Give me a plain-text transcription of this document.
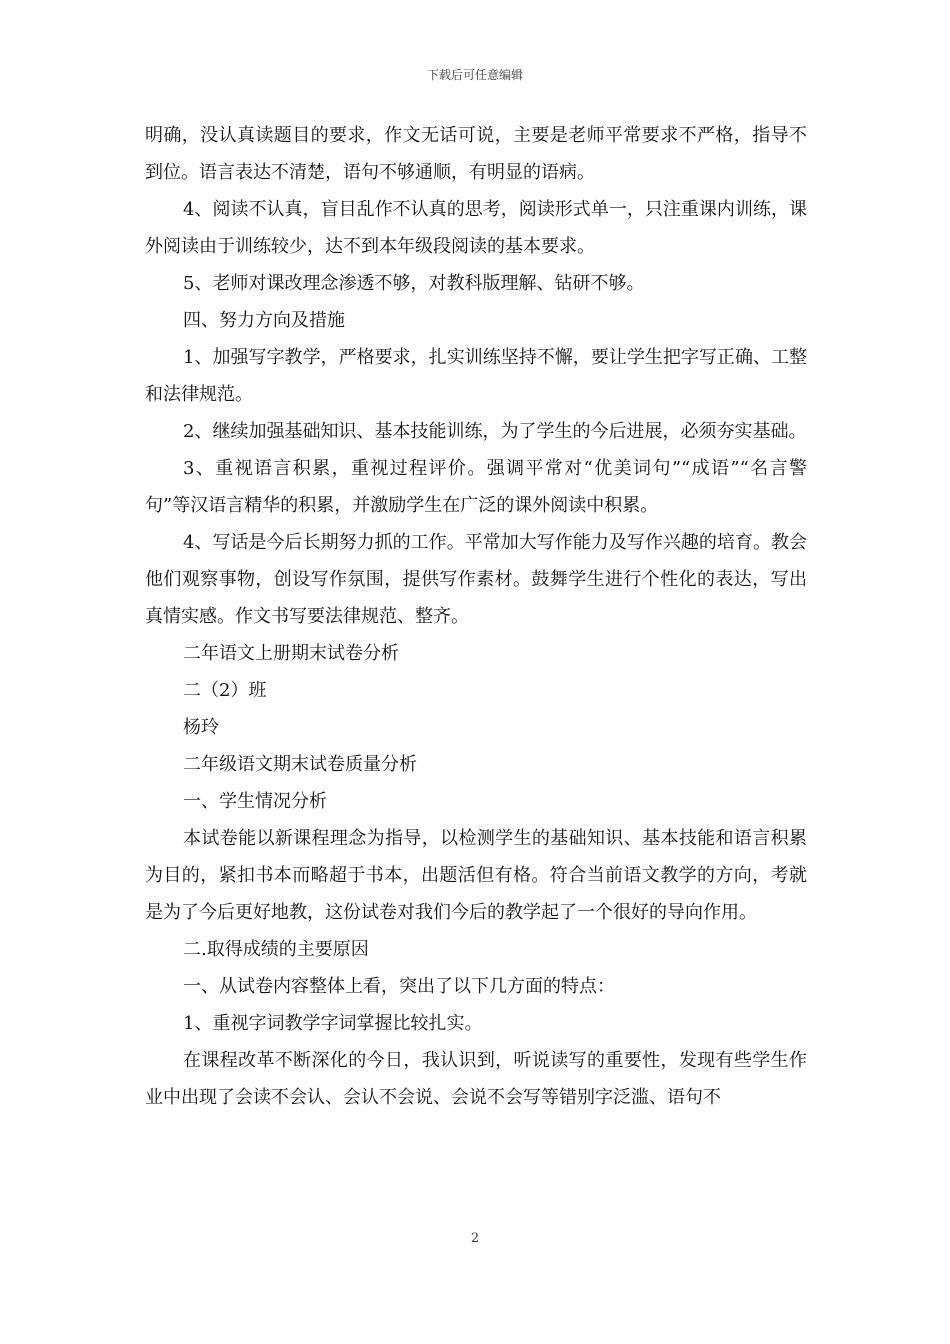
下载后可任意编辑

明确，没认真读题目的要求，作文无话可说，主要是老师平常要求不严格，指导不到位。语言表达不清楚，语句不够通顺，有明显的语病。

4、阅读不认真，盲目乱作不认真的思考，阅读形式单一，只注重课内训练，课外阅读由于训练较少，达不到本年级段阅读的基本要求。

5、老师对课改理念渗透不够，对教科版理解、钻研不够。

四、努力方向及措施

1、加强写字教学，严格要求，扎实训练坚持不懈，要让学生把字写正确、工整和法律规范。

2、继续加强基础知识、基本技能训练，为了学生的今后进展，必须夯实基础。

3、重视语言积累，重视过程评价。强调平常对“优美词句”“成语”“名言警句”等汉语言精华的积累，并激励学生在广泛的课外阅读中积累。

4、写话是今后长期努力抓的工作。平常加大写作能力及写作兴趣的培育。教会他们观察事物，创设写作氛围，提供写作素材。鼓舞学生进行个性化的表达，写出真情实感。作文书写要法律规范、整齐。

二年语文上册期末试卷分析

二（2）班

杨玲

二年级语文期末试卷质量分析

一、学生情况分析

本试卷能以新课程理念为指导，以检测学生的基础知识、基本技能和语言积累为目的，紧扣书本而略超于书本，出题活但有格。符合当前语文教学的方向，考就是为了今后更好地教，这份试卷对我们今后的教学起了一个很好的导向作用。

二.取得成绩的主要原因

一、从试卷内容整体上看，突出了以下几方面的特点：

1、重视字词教学字词掌握比较扎实。

在课程改革不断深化的今日，我认识到，听说读写的重要性，发现有些学生作业中出现了会读不会认、会认不会说、会说不会写等错别字泛滥、语句不

2
